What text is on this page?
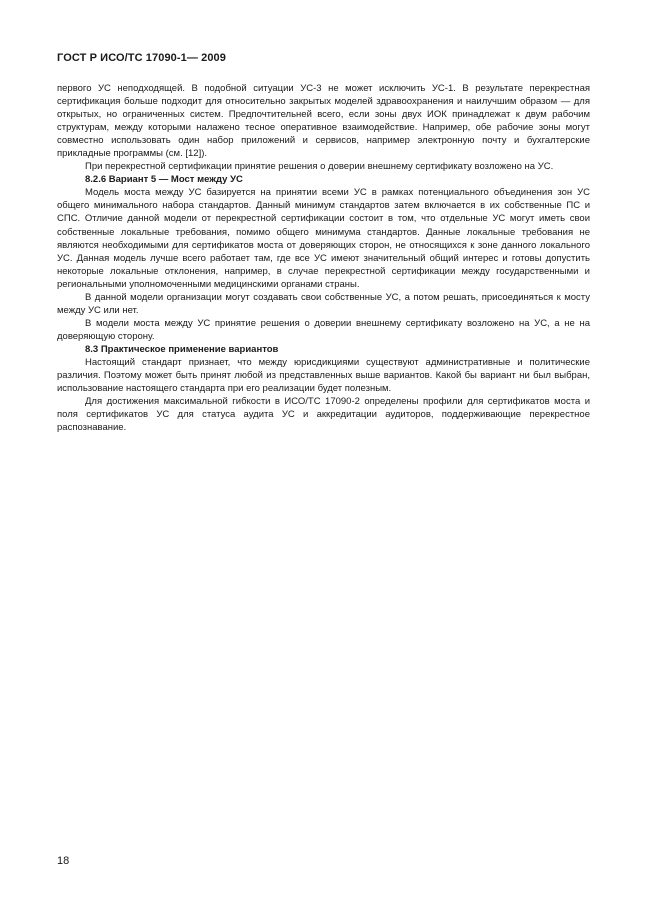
ГОСТ Р ИСО/ТС 17090-1— 2009

первого УС неподходящей. В подобной ситуации УС-3 не может исключить УС-1. В результате перекрестная сертификация больше подходит для относительно закрытых моделей здравоохранения и наилучшим образом — для открытых, но ограниченных систем. Предпочтительней всего, если зоны двух ИОК принадлежат к двум рабочим структурам, между которыми налажено тесное оперативное взаимодействие. Например, обе рабочие зоны могут совместно использовать один набор приложений и сервисов, например электронную почту и бухгалтерские прикладные программы (см. [12]).

При перекрестной сертификации принятие решения о доверии внешнему сертификату возложено на УС.

8.2.6 Вариант 5 — Мост между УС

Модель моста между УС базируется на принятии всеми УС в рамках потенциального объединения зон УС общего минимального набора стандартов. Данный минимум стандартов затем включается в их собственные ПС и СПС. Отличие данной модели от перекрестной сертификации состоит в том, что отдельные УС могут иметь свои собственные локальные требования, помимо общего минимума стандартов. Данные локальные требования не являются необходимыми для сертификатов моста от доверяющих сторон, не относящихся к зоне данного локального УС. Данная модель лучше всего работает там, где все УС имеют значительный общий интерес и готовы допустить некоторые локальные отклонения, например, в случае перекрестной сертификации между государственными и региональными уполномоченными медицинскими органами страны.

В данной модели организации могут создавать свои собственные УС, а потом решать, присоединяться к мосту между УС или нет.

В модели моста между УС принятие решения о доверии внешнему сертификату возложено на УС, а не на доверяющую сторону.

8.3 Практическое применение вариантов

Настоящий стандарт признает, что между юрисдикциями существуют административные и политические различия. Поэтому может быть принят любой из представленных выше вариантов. Какой бы вариант ни был выбран, использование настоящего стандарта при его реализации будет полезным.

Для достижения максимальной гибкости в ИСО/ТС 17090-2 определены профили для сертификатов моста и поля сертификатов УС для статуса аудита УС и аккредитации аудиторов, поддерживающие перекрестное распознавание.

18
